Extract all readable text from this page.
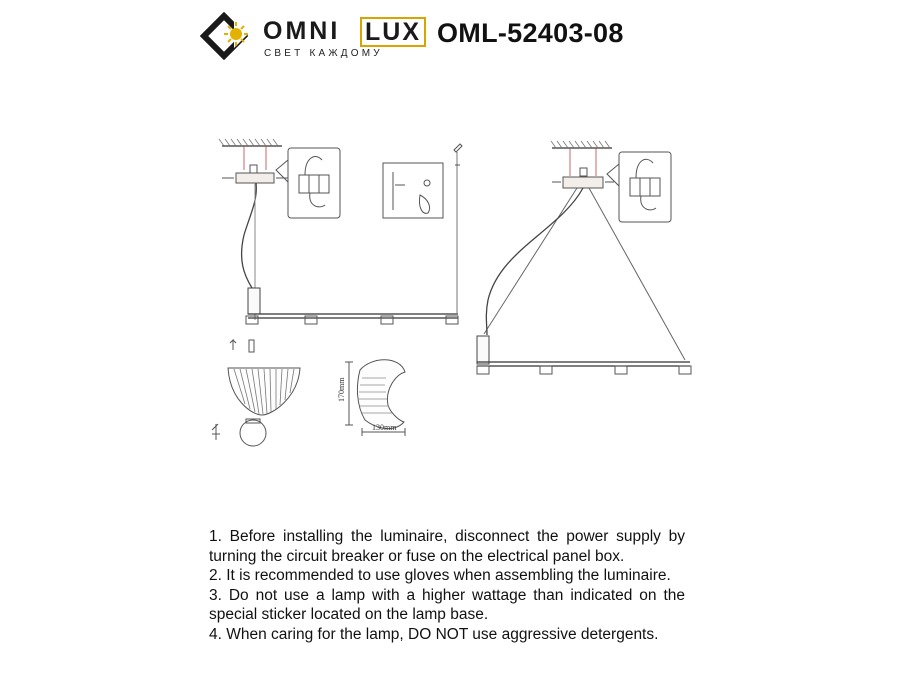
OMNI LUX
СВЕТ КАЖДОМУ
OML-52403-08
170mm
130mm

1. Before installing the luminaire, disconnect the power supply by turning the circuit breaker or fuse on the electrical panel box.

2. It is recommended to use gloves when assembling the luminaire.

3. Do not use a lamp with a higher wattage than indicated on the special sticker located on the lamp base.

4. When caring for the lamp, DO NOT use aggressive detergents.
